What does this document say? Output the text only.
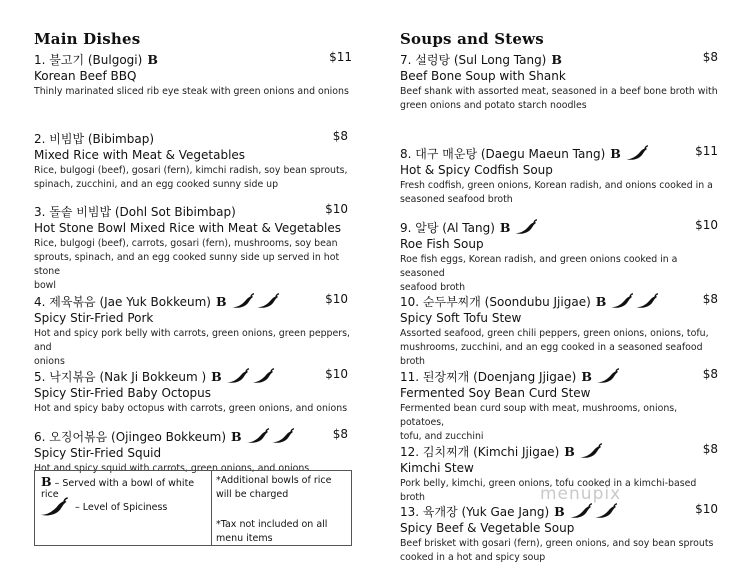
Main Dishes
1. 불고기 (Bulgogi) B	$11
Korean Beef BBQ
Thinly marinated sliced rib eye steak with green onions and onions
2. 비빔밥 (Bibimbap)	$8
Mixed Rice with Meat & Vegetables
Rice, bulgogi (beef), gosari (fern), kimchi radish, soy bean sprouts,
spinach, zucchini, and an egg cooked sunny side up
3. 돌솥 비빔밥 (Dohl Sot Bibimbap)	$10
Hot Stone Bowl Mixed Rice with Meat & Vegetables
Rice, bulgogi (beef), carrots, gosari (fern), mushrooms, soy bean
sprouts, spinach, and an egg cooked sunny side up served in hot stone
bowl
4. 제육볶음 (Jae Yuk Bokkeum) B	$10
Spicy Stir-Fried Pork
Hot and spicy pork belly with carrots, green onions, green peppers, and
onions
5. 낙지볶음 (Nak Ji Bokkeum ) B	$10
Spicy Stir-Fried Baby Octopus
Hot and spicy baby octopus with carrots, green onions, and onions
6. 오징어볶음 (Ojingeo Bokkeum) B	$8
Spicy Stir-Fried Squid
Hot and spicy squid with carrots, green onions, and onions
Soups and Stews
7. 설렁탕 (Sul Long Tang) B	$8
Beef Bone Soup with Shank
Beef shank with assorted meat, seasoned in a beef bone broth with
green onions and potato starch noodles
8. 대구 매운탕 (Daegu Maeun Tang) B	$11
Hot & Spicy Codfish Soup
Fresh codfish, green onions, Korean radish, and onions cooked in a
seasoned seafood broth
9. 알탕 (Al Tang) B	$10
Roe Fish Soup
Roe fish eggs, Korean radish, and green onions cooked in a seasoned
seafood broth
10. 순두부찌개 (Soondubu Jjigae) B	$8
Spicy Soft Tofu Stew
Assorted seafood, green chili peppers, green onions, onions, tofu,
mushrooms, zucchini, and an egg cooked in a seasoned seafood broth
11. 된장찌개 (Doenjang Jjigae) B	$8
Fermented Soy Bean Curd Stew
Fermented bean curd soup with meat, mushrooms, onions, potatoes,
tofu, and zucchini
12. 김치찌개 (Kimchi Jjigae) B	$8
Kimchi Stew
Pork belly, kimchi, green onions, tofu cooked in a kimchi-based broth
13. 육개장 (Yuk Gae Jang) B	$10
Spicy Beef & Vegetable Soup
Beef brisket with gosari (fern), green onions, and soy bean sprouts
cooked in a hot and spicy soup
B – Served with a bowl of white rice
– Level of Spiciness
*Additional bowls of rice will be charged
*Tax not included on all menu items
menupix
